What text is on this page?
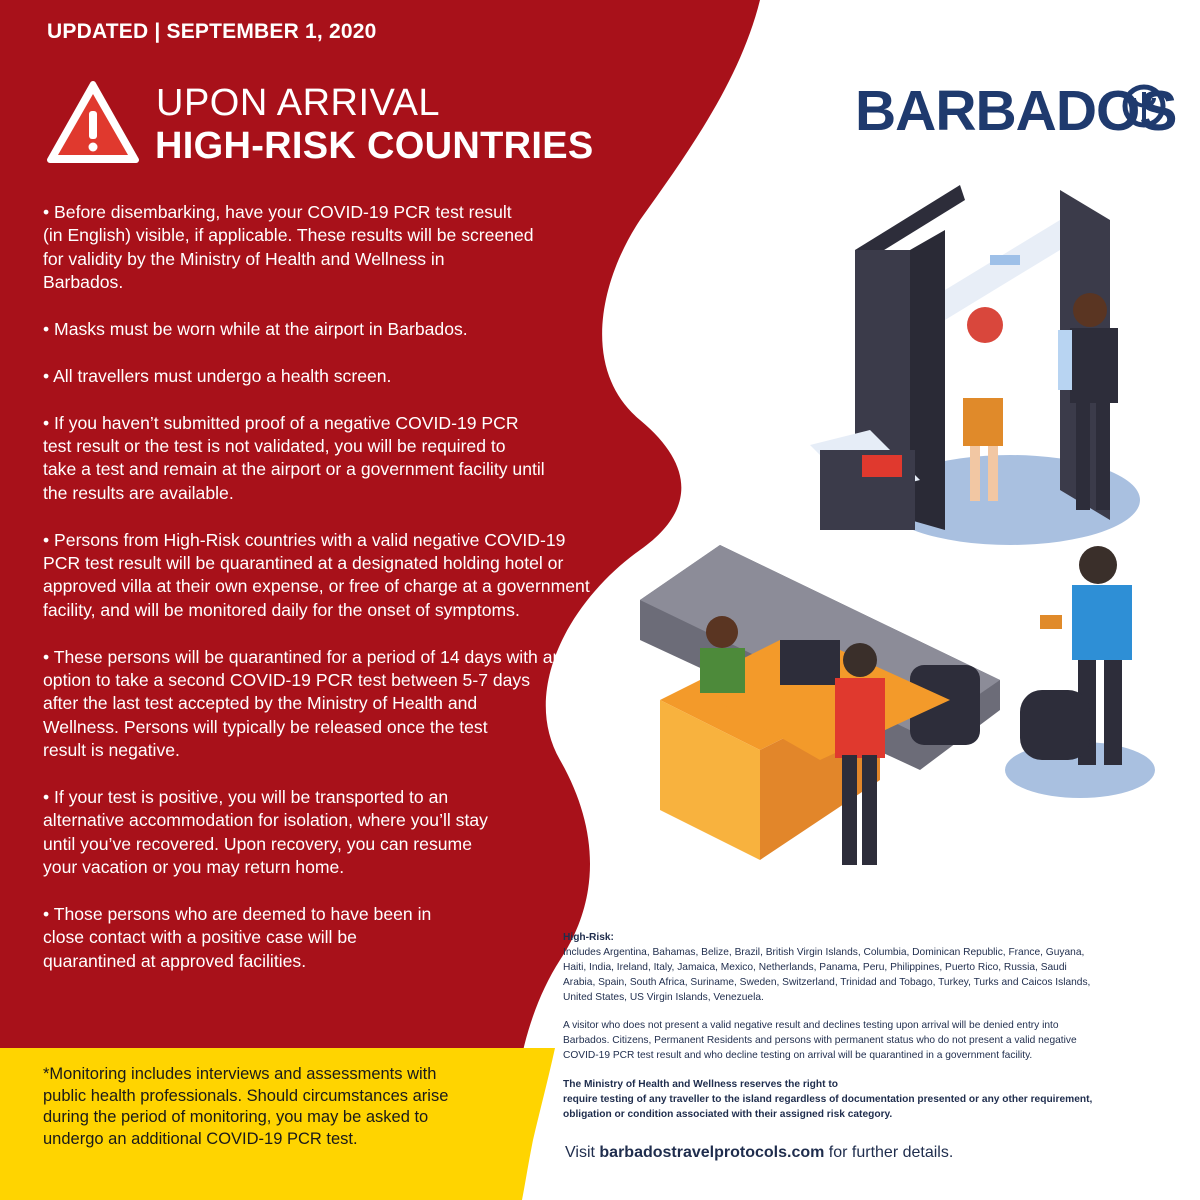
UPDATED | SEPTEMBER 1, 2020
UPON ARRIVAL
HIGH-RISK COUNTRIES
BARBADOS
• Before disembarking, have your COVID-19 PCR test result
(in English) visible, if applicable. These results will be screened
for validity by the Ministry of Health and Wellness in
Barbados.
• Masks must be worn while at the airport in Barbados.
• All travellers must undergo a health screen.
• If you haven’t submitted proof of a negative COVID-19 PCR
test result or the test is not validated, you will be required to
take a test and remain at the airport or a government facility until
the results are available.
• Persons from High-Risk countries with a valid negative COVID-19
PCR test result will be quarantined at a designated holding hotel or
approved villa at their own expense, or free of charge at a government
facility, and will be monitored daily for the onset of symptoms.
• These persons will be quarantined for a period of 14 days with an
option to take a second COVID-19 PCR test between 5-7 days
after the last test accepted by the Ministry of Health and
Wellness. Persons will typically be released once the test
result is negative.
• If your test is positive, you will be transported to an
alternative accommodation for isolation, where you’ll stay
until you’ve recovered. Upon recovery, you can resume
your vacation or you may return home.
• Those persons who are deemed to have been in
close contact with a positive case will be
quarantined at approved facilities.
*Monitoring includes interviews and assessments with
public health professionals. Should circumstances arise
during the period of monitoring, you may be asked to
undergo an additional COVID-19 PCR test.
High-Risk:
Includes Argentina, Bahamas, Belize, Brazil, British Virgin Islands, Columbia, Dominican Republic, France, Guyana,
Haiti, India, Ireland, Italy, Jamaica, Mexico, Netherlands, Panama, Peru, Philippines, Puerto Rico, Russia, Saudi
Arabia, Spain, South Africa, Suriname, Sweden, Switzerland, Trinidad and Tobago, Turkey, Turks and Caicos Islands,
United States, US Virgin Islands, Venezuela.
A visitor who does not present a valid negative result and declines testing upon arrival will be denied entry into
Barbados. Citizens, Permanent Residents and persons with permanent status who do not present a valid negative
COVID-19 PCR test result and who decline testing on arrival will be quarantined in a government facility.
The Ministry of Health and Wellness reserves the right to
require testing of any traveller to the island regardless of documentation presented or any other requirement,
obligation or condition associated with their assigned risk category.
Visit barbadostravelprotocols.com for further details.
